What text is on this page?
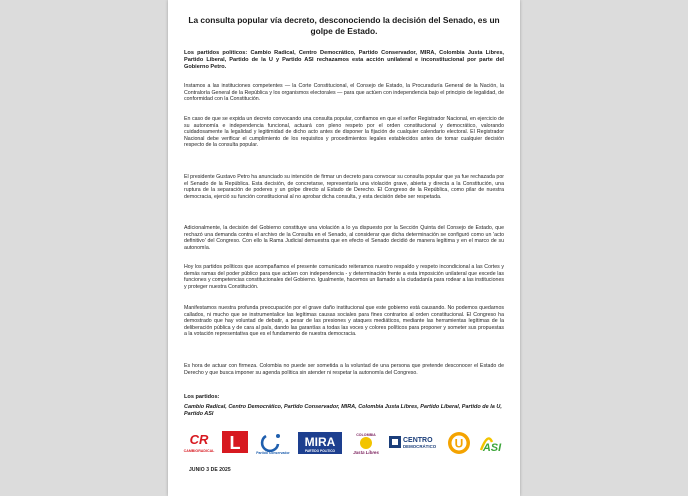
La consulta popular vía decreto, desconociendo la decisión del Senado, es un golpe de Estado.
Los partidos políticos: Cambio Radical, Centro Democrático, Partido Conservador, MIRA, Colombia Justa Libres, Partido Liberal, Partido de la U y Partido ASI rechazamos esta acción unilateral e inconstitucional por parte del Gobierno Petro.

Instamos a las instituciones competentes — la Corte Constitucional, el Consejo de Estado, la Procuraduría General de la Nación, la Contraloría General de la República y los organismos electorales — para que actúen con independencia bajo el principio de legalidad, de conformidad con la Constitución.

En caso de que se expida un decreto convocando una consulta popular, confiamos en que el señor Registrador Nacional, en ejercicio de su autonomía e independencia funcional, actuará con pleno respeto por el orden constitucional y democrático, valorando cuidadosamente la legalidad y legitimidad de dicho acto antes de disponer la fijación de cualquier calendario electoral. El Registrador Nacional debe verificar el cumplimiento de los requisitos y procedimientos legales establecidos antes de tomar cualquier decisión respecto de la consulta popular.

El presidente Gustavo Petro ha anunciado su intención de firmar un decreto para convocar su consulta popular que ya fue rechazada por el Senado de la República. Esta decisión, de concretarse, representaría una violación grave, abierta y directa a la Constitución, una ruptura de la separación de poderes y un golpe directo al Estado de Derecho. El Congreso de la República, como pilar de nuestra democracia, ejerció su función constitucional al no aprobar dicha consulta, y esta decisión debe ser respetada.

Adicionalmente, la decisión del Gobierno constituye una violación a lo ya dispuesto por la Sección Quinta del Consejo de Estado, que rechazó una demanda contra el archivo de la Consulta en el Senado, al considerar que dicha determinación se configuró como un 'acto definitivo' del Congreso. Con ello la Rama Judicial demuestra que en efecto el Senado decidió de manera legítima y en el marco de su autonomía.

Hoy los partidos políticos que acompañamos el presente comunicado reiteramos nuestro respaldo y respeto incondicional a las Cortes y demás ramas del poder público para que actúen con independencia - y determinación frente a esta imposición unilateral que excede las funciones y competencias constitucionales del Gobierno. Igualmente, hacemos un llamado a la ciudadanía para rodear a las instituciones y proteger nuestra Constitución.

Manifestamos nuestra profunda preocupación por el grave daño institucional que este gobierno está causando. No podemos quedarnos callados, ni mucho que se instrumentalice las legítimas causas sociales para fines contrarios al orden constitucional. El Congreso ha demostrado que hay voluntad de debatir, a pesar de las presiones y ataques mediáticos, mediante las herramientas legítimas de la deliberación pública y de cara al país, dando las garantías a todas las voces y colores políticos para proponer y someter sus propuestas a la votación representativa que es el fundamento de nuestra democracia.

Es hora de actuar con firmeza. Colombia no puede ser sometida a la voluntad de una persona que pretende desconocer el Estado de Derecho y que busca imponer su agenda política sin atender ni respetar la autonomía del Congreso.

Los partidos:
Cambio Radical, Centro Democrático, Partido Conservador, MIRA, Colombia Justa Libres, Partido Liberal, Partido de la U, Partido ASI
CR
CAMBIORADICAL L	Partido Conservador
MIRA
PARTIDO POLITICO
COLOMBIA
Justa Libres
CENTRO
DEMOCRÁTICO U ASI
JUNIO 3 DE 2025
